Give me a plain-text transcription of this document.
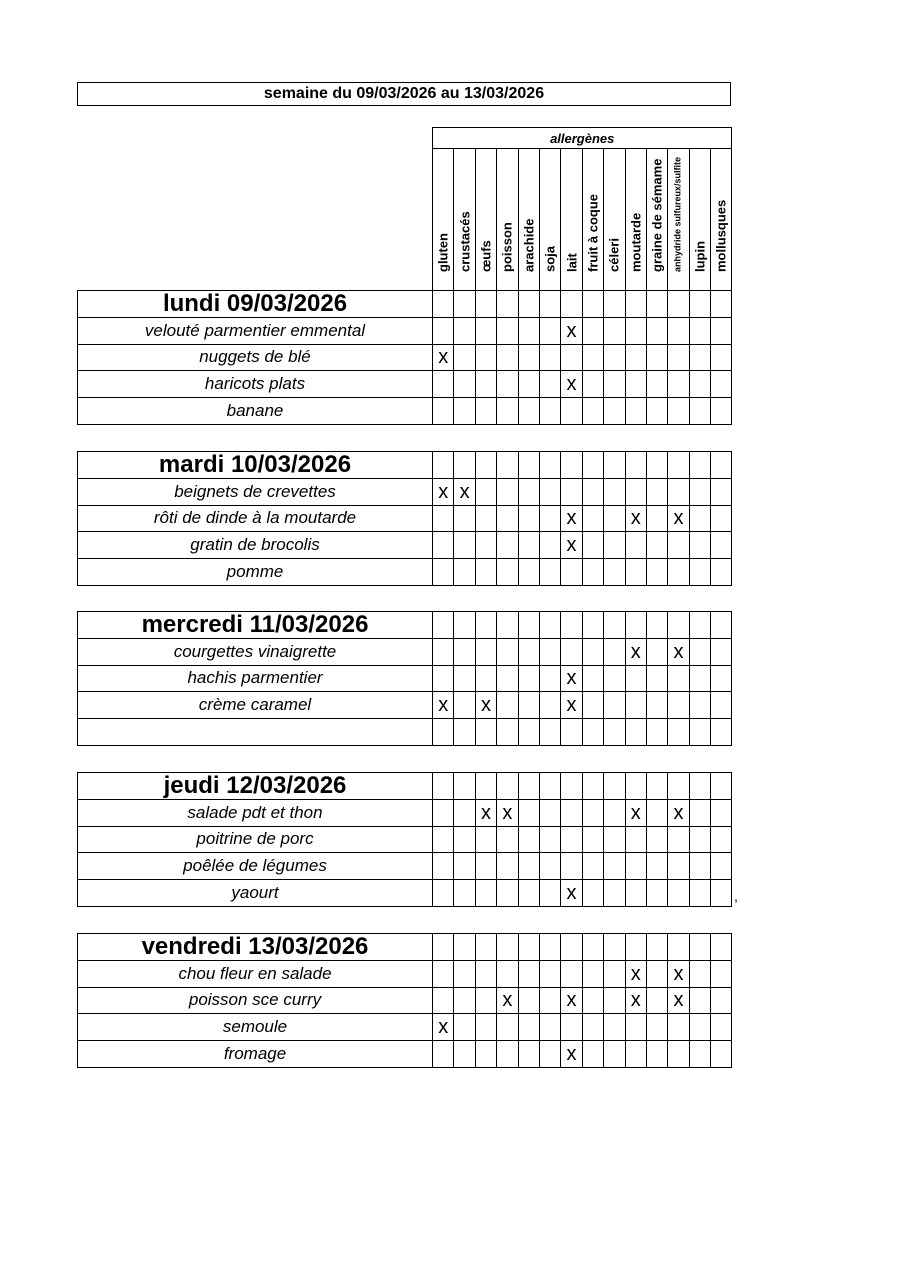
semaine du 09/03/2026 au 13/03/2026
allergènes

gluten	crustacés	œufs	poisson	arachide	soja	lait	fruit à coque	céleri	moutarde	graine de sémame	anhydride sulfureux/sulfite	lupin	mollusques
lundi 09/03/2026														
velouté parmentier emmental							x							
nuggets de blé	x													
haricots plats							x							
banane														
mardi 10/03/2026														
beignets de crevettes	x	x												
rôti de dinde à la moutarde							x			x		x		
gratin de brocolis							x							
pomme														
mercredi 11/03/2026														
courgettes vinaigrette										x		x		
hachis parmentier							x							
crème caramel	x		x				x							

jeudi 12/03/2026														
salade pdt et thon			x	x						x		x		
poitrine de porc														
poêlée de légumes														
yaourt							x							
vendredi 13/03/2026														
chou fleur en salade										x		x		
poisson sce curry				x			x			x		x		
semoule	x													
fromage							x							
,
